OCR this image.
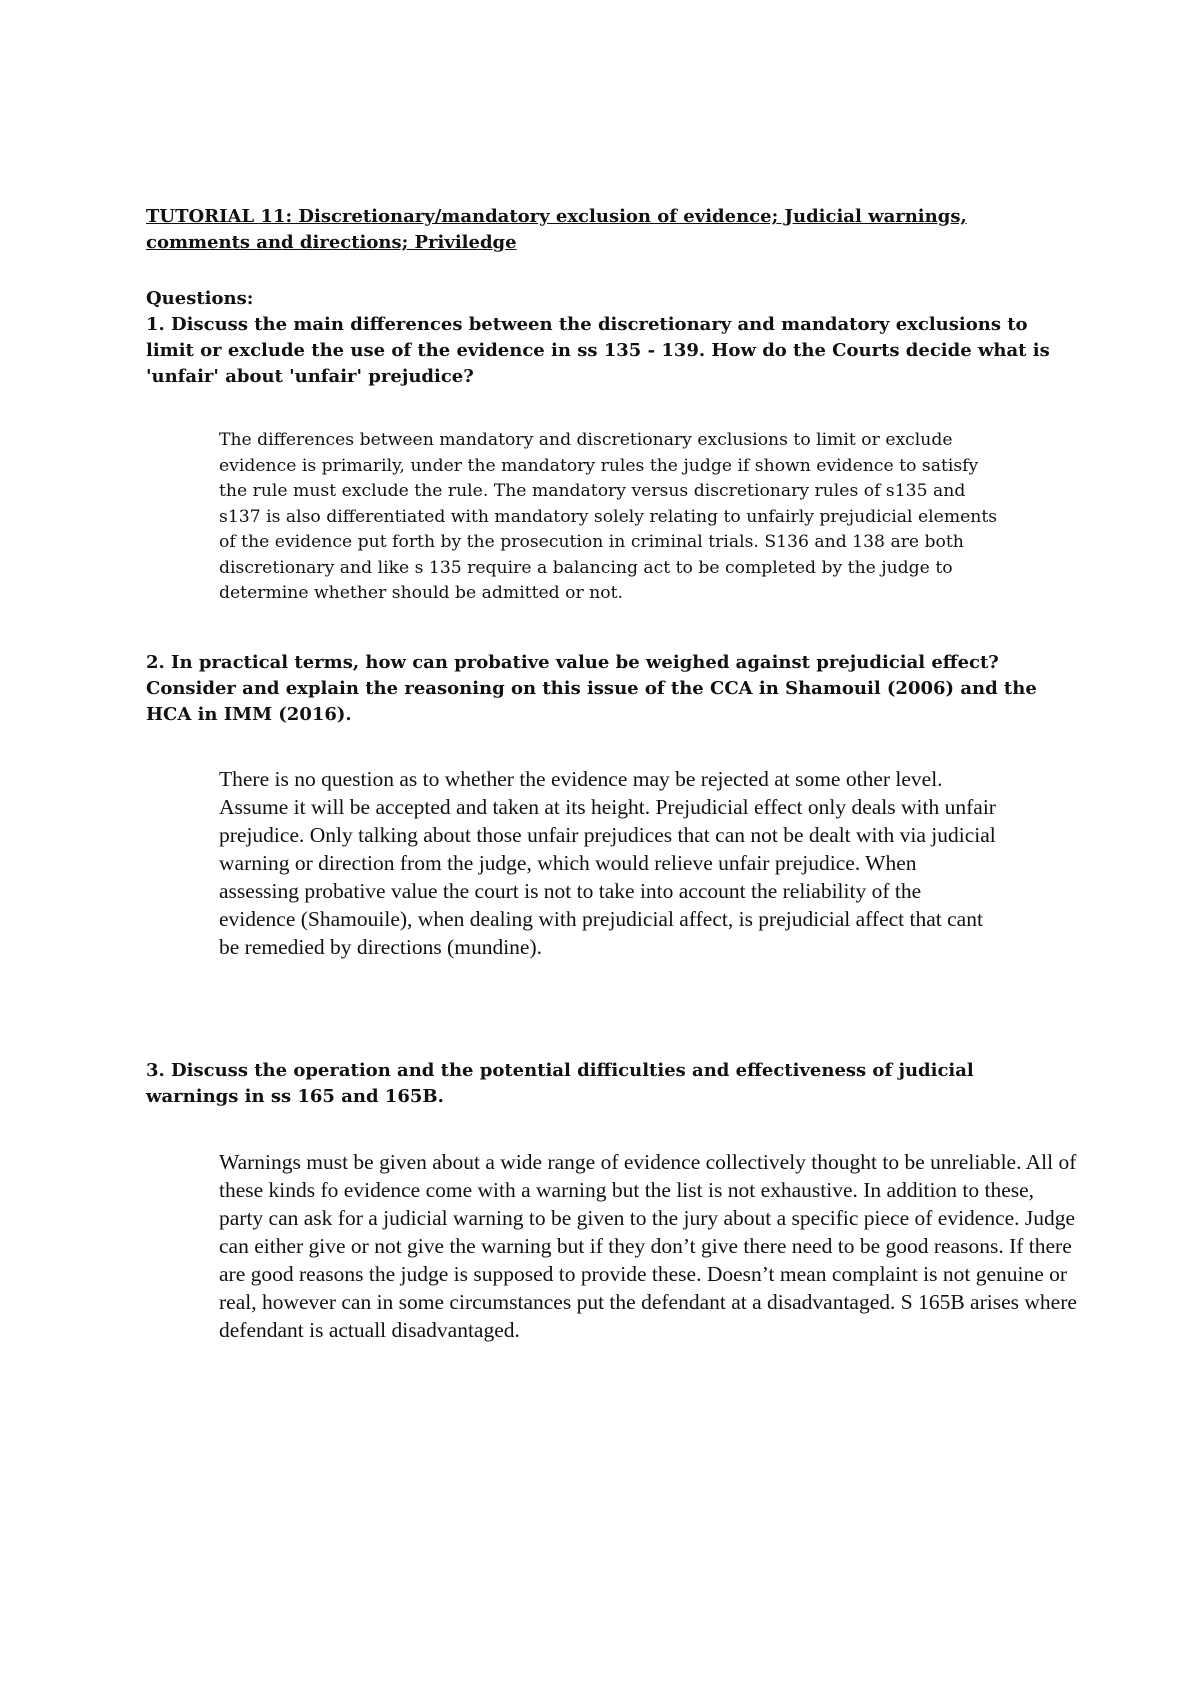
TUTORIAL 11: Discretionary/mandatory exclusion of evidence; Judicial warnings, comments and directions; Priviledge
Questions:
1. Discuss the main differences between the discretionary and mandatory exclusions to limit or exclude the use of the evidence in ss 135 - 139. How do the Courts decide what is 'unfair' about 'unfair' prejudice?
The differences between mandatory and discretionary exclusions to limit or exclude evidence is primarily, under the mandatory rules the judge if shown evidence to satisfy the rule must exclude the rule. The mandatory versus discretionary rules of s135 and s137 is also differentiated with mandatory solely relating to unfairly prejudicial elements of the evidence put forth by the prosecution in criminal trials. S136 and 138 are both discretionary and like s 135 require a balancing act to be completed by the judge to determine whether should be admitted or not.
2. In practical terms, how can probative value be weighed against prejudicial effect? Consider and explain the reasoning on this issue of the CCA in Shamouil (2006) and the HCA in IMM (2016).
There is no question as to whether the evidence may be rejected at some other level. Assume it will be accepted and taken at its height. Prejudicial effect only deals with unfair prejudice. Only talking about those unfair prejudices that can not be dealt with via judicial warning or direction from the judge, which would relieve unfair prejudice. When assessing probative value the court is not to take into account the reliability of the evidence (Shamouile), when dealing with prejudicial affect, is prejudicial affect that cant be remedied by directions (mundine).
3. Discuss the operation and the potential difficulties and effectiveness of judicial warnings in ss 165 and 165B.
Warnings must be given about a wide range of evidence collectively thought to be unreliable. All of these kinds fo evidence come with a warning but the list is not exhaustive. In addition to these, party can ask for a judicial warning to be given to the jury about a specific piece of evidence. Judge can either give or not give the warning but if they don’t give there need to be good reasons. If there are good reasons the judge is supposed to provide these. Doesn’t mean complaint is not genuine or real, however can in some circumstances put the defendant at a disadvantaged. S 165B arises where defendant is actuall disadvantaged.
